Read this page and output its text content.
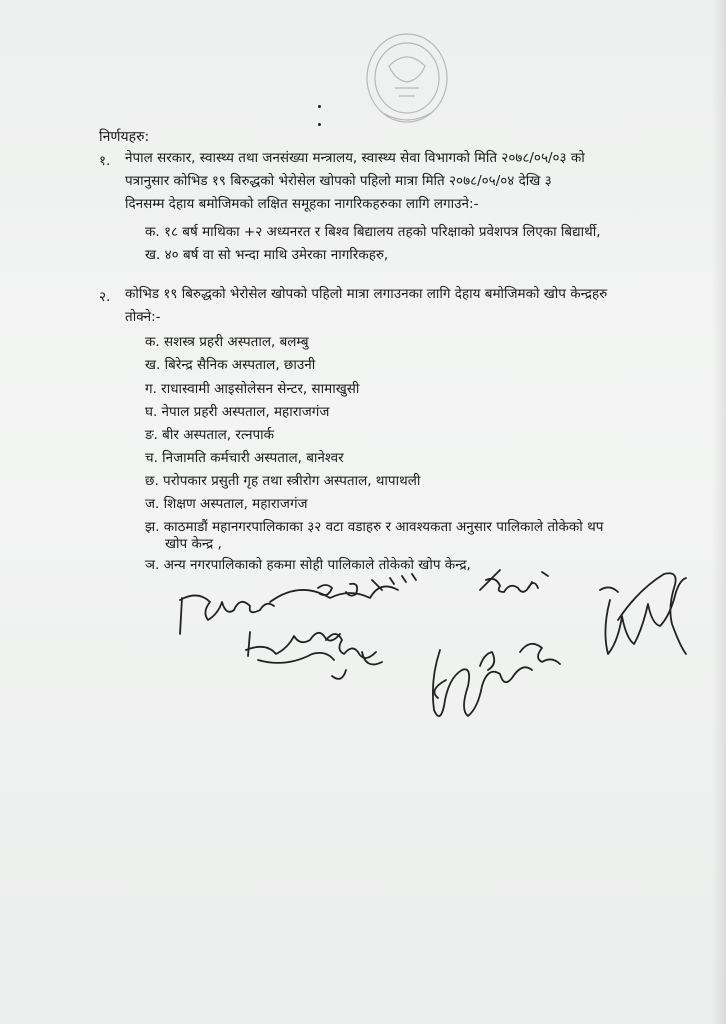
निर्णयहरु:
१. नेपाल सरकार, स्वास्थ्य तथा जनसंख्या मन्त्रालय, स्वास्थ्य सेवा विभागको मिति २०७८/०५/०३ को
पत्रानुसार कोभिड १९ बिरुद्धको भेरोसेल खोपको पहिलो मात्रा मिति २०७८/०५/०४ देखि ३
दिनसम्म देहाय बमोजिमको लक्षित समूहका नागरिकहरुका लागि लगाउने:-
क. १८ बर्ष माथिका +२ अध्यनरत र बिश्व बिद्यालय तहको परिक्षाको प्रवेशपत्र लिएका बिद्यार्थी,
ख. ४० बर्ष वा सो भन्दा माथि उमेरका नागरिकहरु,
२. कोभिड १९ बिरुद्धको भेरोसेल खोपको पहिलो मात्रा लगाउनका लागि देहाय बमोजिमको खोप केन्द्रहरु
तोक्ने:-
क. सशस्त्र प्रहरी अस्पताल, बलम्बु
ख. बिरेन्द्र सैनिक अस्पताल, छाउनी
ग. राधास्वामी आइसोलेसन सेन्टर, सामाखुसी
घ. नेपाल प्रहरी अस्पताल, महाराजगंज
ङ. बीर अस्पताल, रत्नपार्क
च. निजामति कर्मचारी अस्पताल, बानेश्वर
छ. परोपकार प्रसुती गृह तथा स्त्रीरोग अस्पताल, थापाथली
ज. शिक्षण अस्पताल, महाराजगंज
झ. काठमाडौं महानगरपालिकाका ३२ वटा वडाहरु र आवश्यकता अनुसार पालिकाले तोकेको थप
खोप केन्द्र ,
ञ. अन्य नगरपालिकाको हकमा सोही पालिकाले तोकेको खोप केन्द्र,
